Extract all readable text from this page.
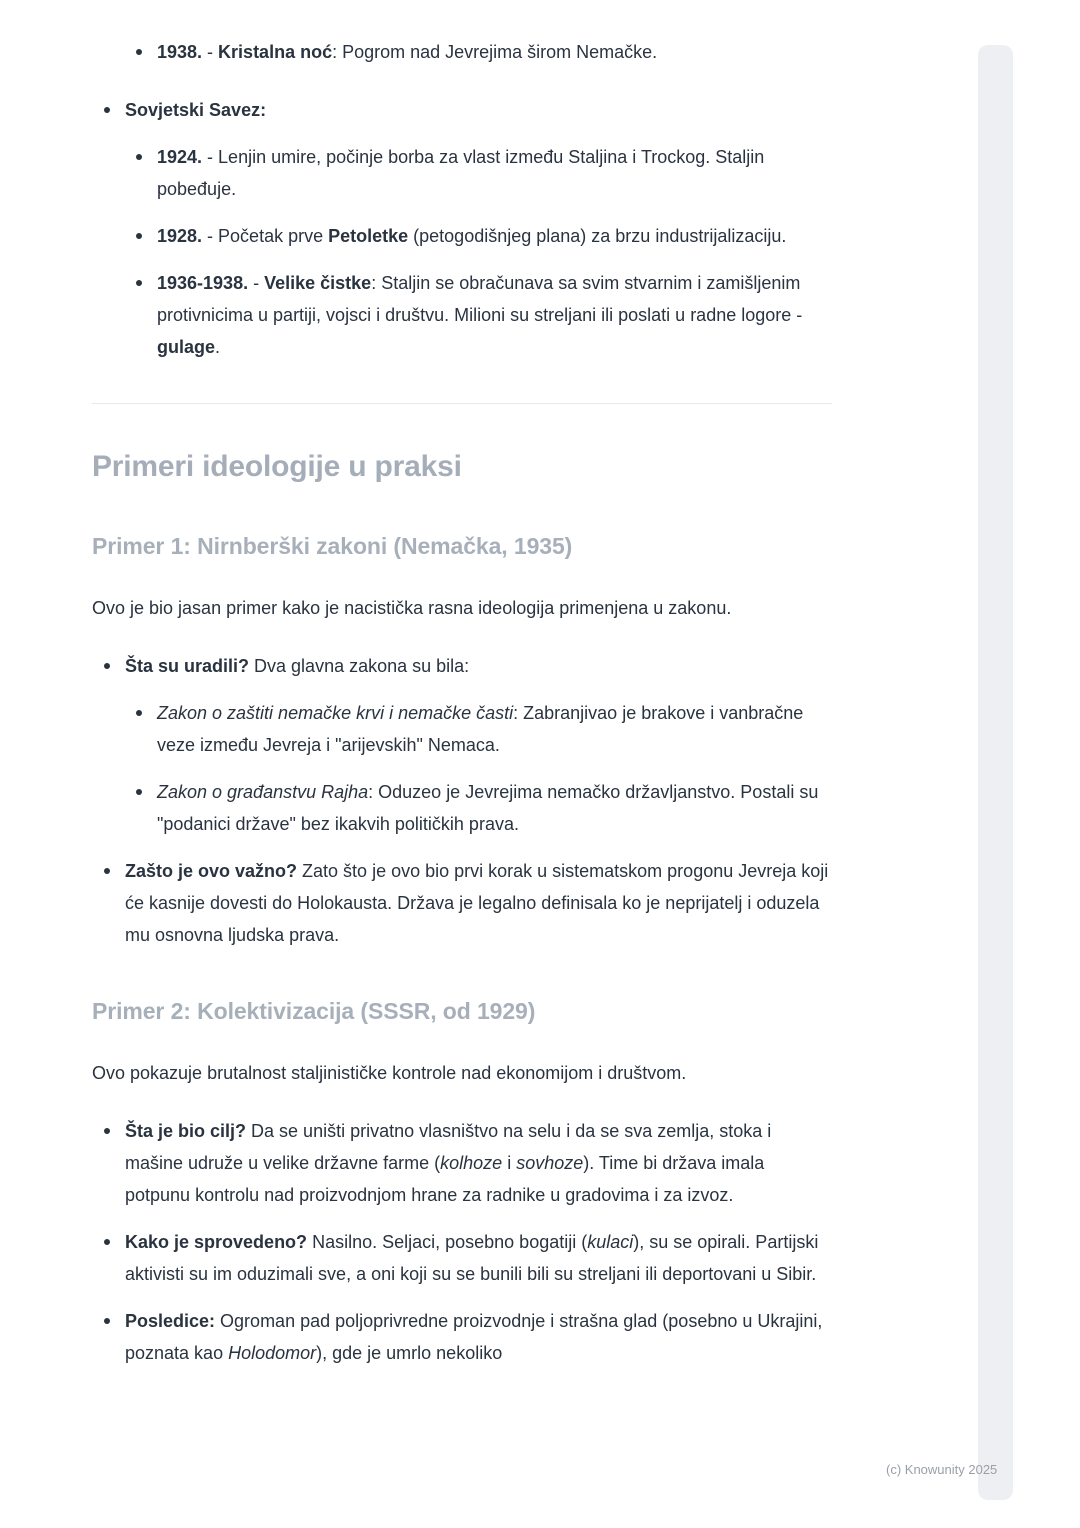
1938. - Kristalna noć: Pogrom nad Jevrejima širom Nemačke.
Sovjetski Savez:
1924. - Lenjin umire, počinje borba za vlast između Staljina i Trockog. Staljin pobeđuje.
1928. - Početak prve Petoletke (petogodišnjeg plana) za brzu industrijalizaciju.
1936-1938. - Velike čistke: Staljin se obračunava sa svim stvarnim i zamišljenim protivnicima u partiji, vojsci i društvu. Milioni su streljani ili poslati u radne logore - gulage.
Primeri ideologije u praksi
Primer 1: Nirnberški zakoni (Nemačka, 1935)

Ovo je bio jasan primer kako je nacistička rasna ideologija primenjena u zakonu.

Šta su uradili? Dva glavna zakona su bila:
Zakon o zaštiti nemačke krvi i nemačke časti: Zabranjivao je brakove i vanbračne veze između Jevreja i "arijevskih" Nemaca.
Zakon o građanstvu Rajha: Oduzeo je Jevrejima nemačko državljanstvo. Postali su "podanici države" bez ikakvih političkih prava.
Zašto je ovo važno? Zato što je ovo bio prvi korak u sistematskom progonu Jevreja koji će kasnije dovesti do Holokausta. Država je legalno definisala ko je neprijatelj i oduzela mu osnovna ljudska prava.
Primer 2: Kolektivizacija (SSSR, od 1929)

Ovo pokazuje brutalnost staljinističke kontrole nad ekonomijom i društvom.

Šta je bio cilj? Da se uništi privatno vlasništvo na selu i da se sva zemlja, stoka i mašine udruže u velike državne farme (kolhoze i sovhoze). Time bi država imala potpunu kontrolu nad proizvodnjom hrane za radnike u gradovima i za izvoz.
Kako je sprovedeno? Nasilno. Seljaci, posebno bogatiji (kulaci), su se opirali. Partijski aktivisti su im oduzimali sve, a oni koji su se bunili bili su streljani ili deportovani u Sibir.
Posledice: Ogroman pad poljoprivredne proizvodnje i strašna glad (posebno u Ukrajini, poznata kao Holodomor), gde je umrlo nekoliko
(c) Knowunity 2025
